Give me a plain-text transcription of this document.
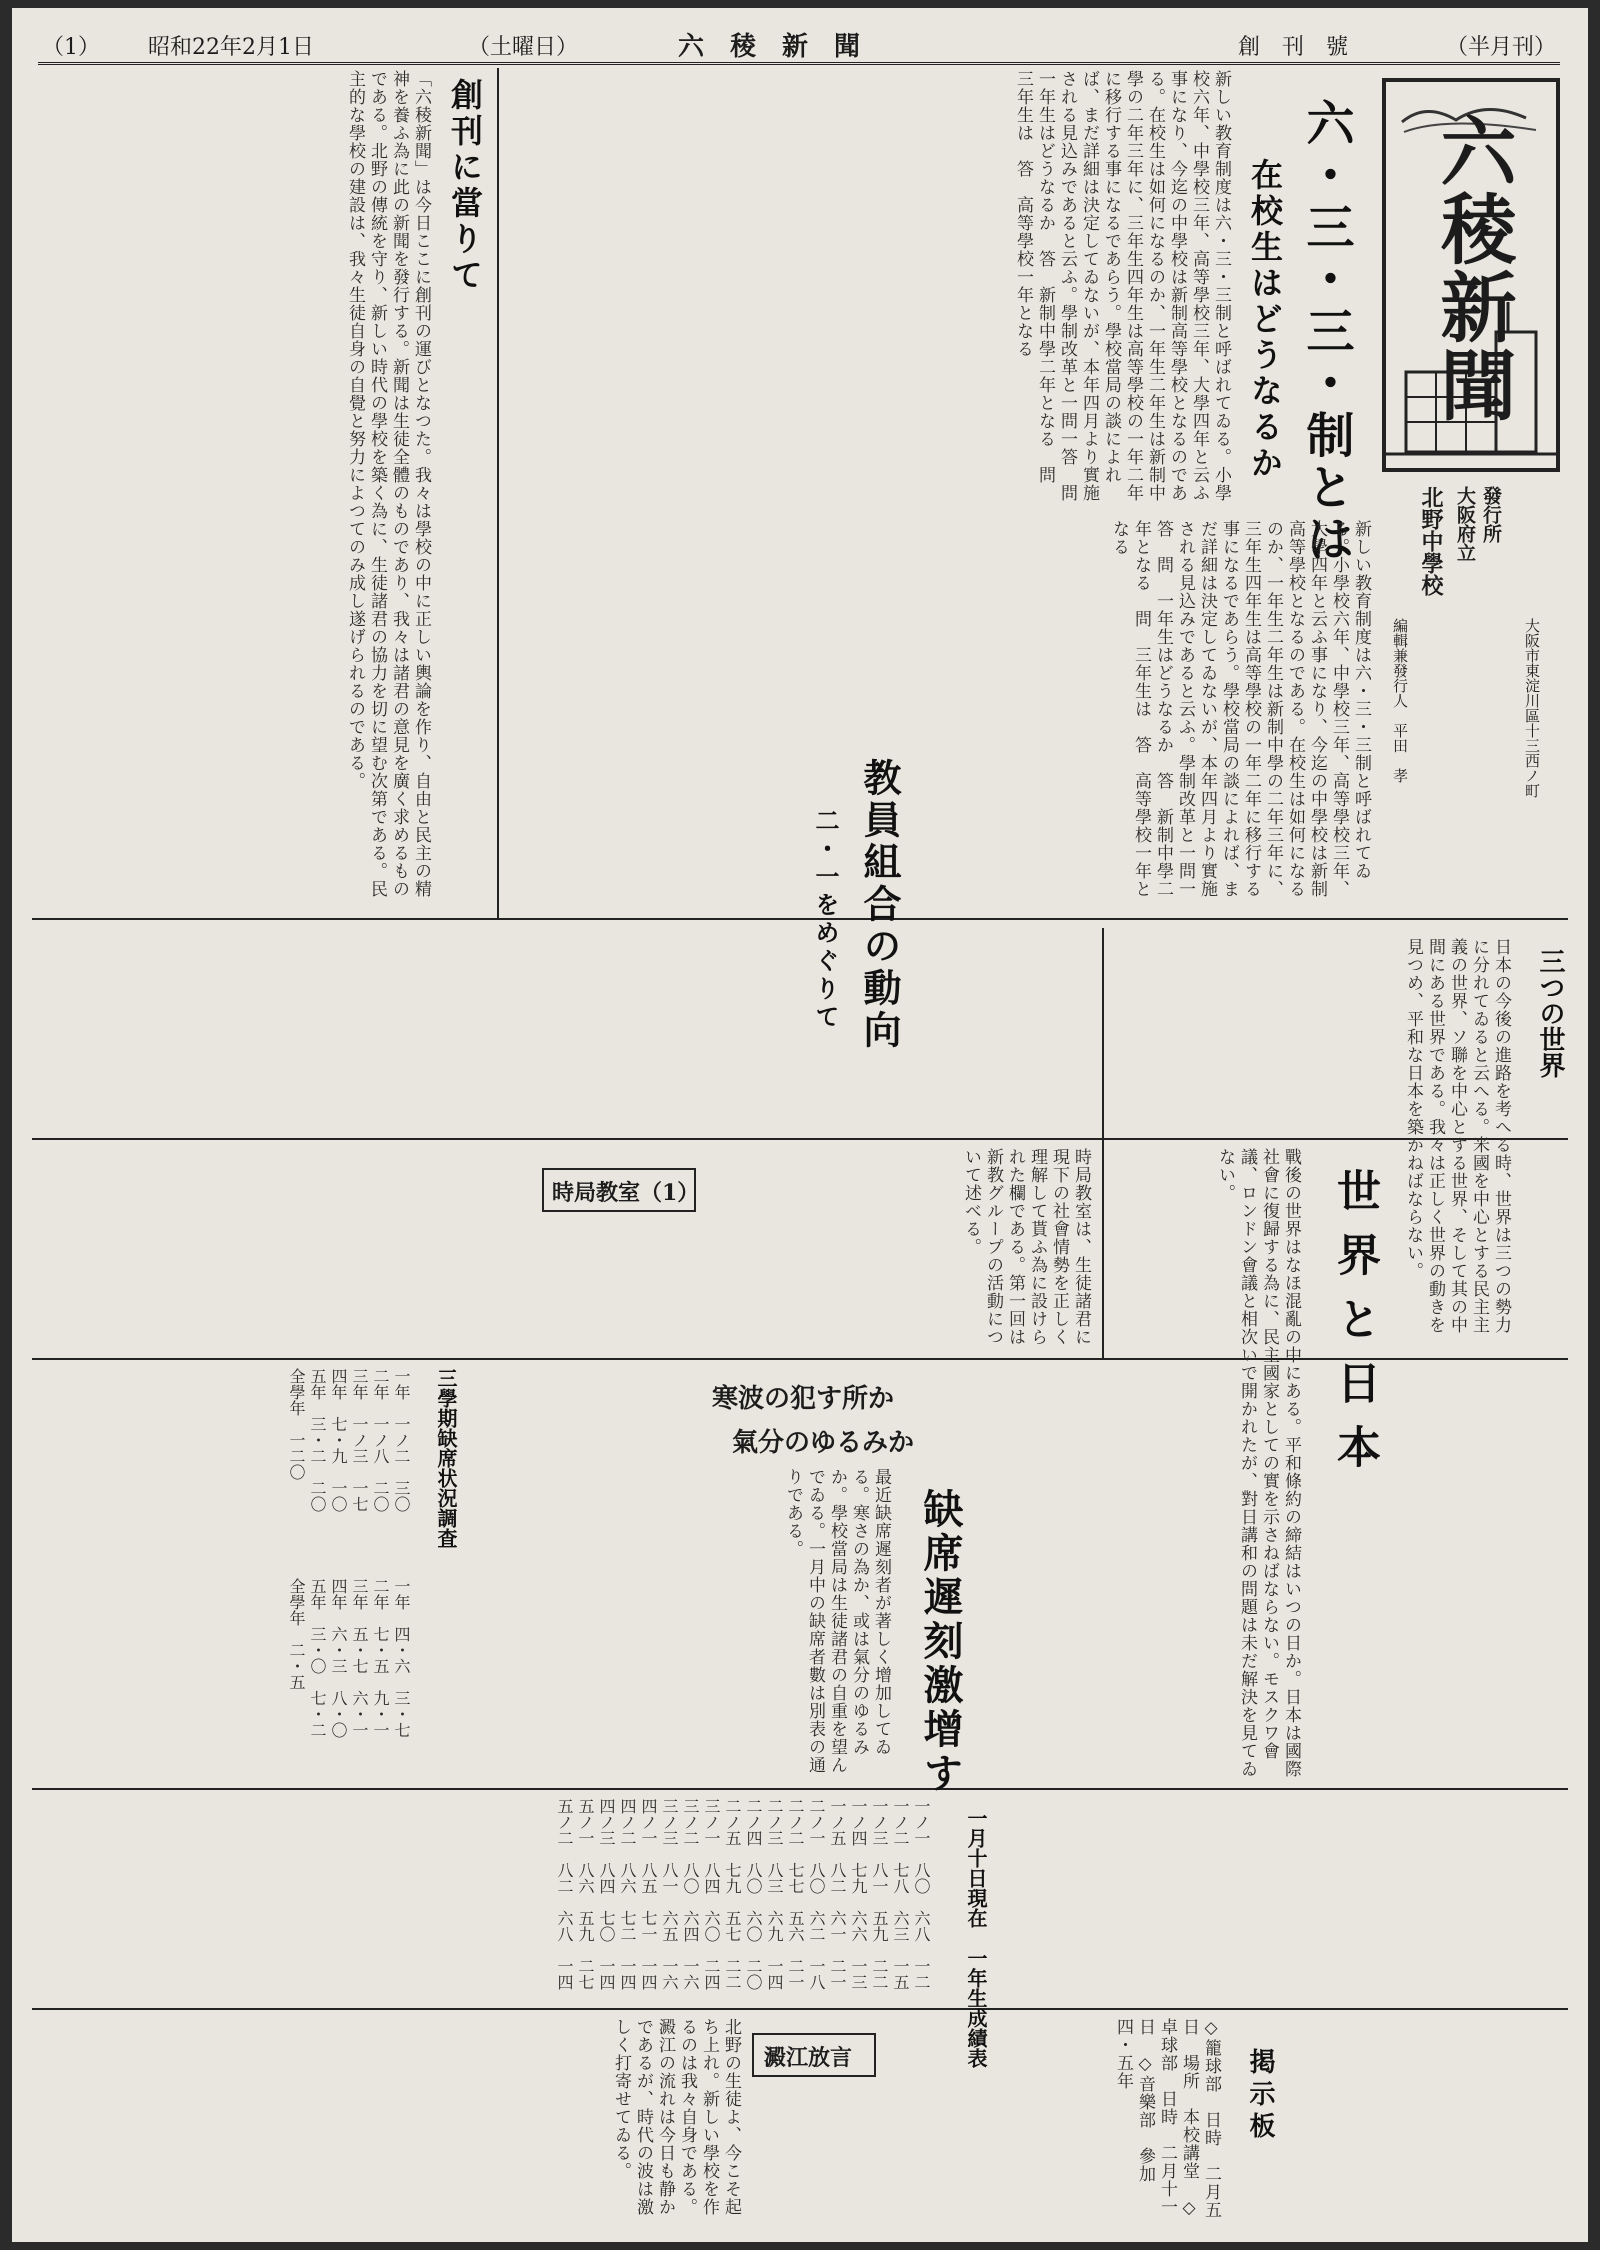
（1） 昭和22年2月1日	（土曜日）	六　稜　新　聞	創　刊　號	（半月刊）
六稜新聞
發行所
大阪府立
北野中學校
大阪市東淀川區十三西ノ町
編輯兼發行人　平田　孝
六・三・三・制とは
在校生はどうなるか
新しい教育制度は六・三・三制と呼ばれてゐる。小學校六年、中學校三年、高等學校三年、大學四年と云ふ事になり、今迄の中學校は新制高等學校となるのである。在校生は如何になるのか、一年生二年生は新制中學の二年三年に、三年生四年生は高等學校の一年二年に移行する事になるであらう。學校當局の談によれば、まだ詳細は決定してゐないが、本年四月より實施される見込みであると云ふ。學制改革と一問一答　問　一年生はどうなるか　答　新制中學二年となる　問　三年生は　答　高等學校一年となる
新しい教育制度は六・三・三制と呼ばれてゐる。小學校六年、中學校三年、高等學校三年、大學四年と云ふ事になり、今迄の中學校は新制高等學校となるのである。在校生は如何になるのか、一年生二年生は新制中學の二年三年に、三年生四年生は高等學校の一年二年に移行する事になるであらう。學校當局の談によれば、まだ詳細は決定してゐないが、本年四月より實施される見込みであると云ふ。學制改革と一問一答　問　一年生はどうなるか　答　新制中學二年となる　問　三年生は　答　高等學校一年となる
創刊に當りて
「六稜新聞」は今日ここに創刊の運びとなつた。我々は學校の中に正しい輿論を作り、自由と民主の精神を養ふ為に此の新聞を發行する。新聞は生徒全體のものであり、我々は諸君の意見を廣く求めるものである。北野の傳統を守り、新しい時代の學校を築く為に、生徒諸君の協力を切に望む次第である。民主的な學校の建設は、我々生徒自身の自覺と努力によつてのみ成し遂げられるのである。
教員組合の動向
二・一をめぐりて	三つの世界
日本の今後の進路を考へる時、世界は三つの勢力に分れてゐると云へる。米國を中心とする民主主義の世界、ソ聯を中心とする世界、そして其の中間にある世界である。我々は正しく世界の動きを見つめ、平和な日本を築かねばならない。
世界と日本
戰後の世界はなほ混亂の中にある。平和條約の締結はいつの日か。日本は國際社會に復歸する為に、民主國家としての實を示さねばならない。モスクワ會議、ロンドン會議と相次いで開かれたが、對日講和の問題は未だ解決を見てゐない。
時局教室（1）	時局教室は、生徒諸君に現下の社會情勢を正しく理解して貰ふ為に設けられた欄である。第一回は新教グループの活動について述べる。
寒波の犯す所か
氣分のゆるみか
缺席遲刻激增す
最近缺席遲刻者が著しく增加してゐる。寒さの為か、或は氣分のゆるみか。學校當局は生徒諸君の自重を望んでゐる。一月中の缺席者數は別表の通りである。
三學期缺席状況調査
一年　一ノ二　三〇
二年　一ノ八　二〇
三年　一ノ三　一七
四年　七・九　一〇
五年　三・二　二〇
全學年　一二〇
一年　四・六　三・七
二年　七・五　九・一
三年　五・七　六・一
四年　六・三　八・〇
五年　三・〇　七・二
全學年　二・五
一月十日現在　一年生成績表
一ノ一　八〇　六八　一二
一ノ二　七八　六三　一五
一ノ三　八一　五九　二二
一ノ四　七九　六六　一三
一ノ五　八二　六一　二一
二ノ一　八〇　六二　一八
二ノ二　七七　五六　二一
二ノ三　八三　六九　一四
二ノ四　八〇　六〇　二〇
二ノ五　七九　五七　二二
三ノ一　八四　六〇　二四
三ノ二　八〇　六四　一六
三ノ三　八一　六五　一六
四ノ一　八五　七一　一四
四ノ二　八六　七二　一四
四ノ三　八四　七〇　一四
五ノ一　八六　五九　二七
五ノ二　八二　六八　一四
澱江放言
北野の生徒よ、今こそ起ち上れ。新しい學校を作るのは我々自身である。澱江の流れは今日も静かであるが、時代の波は激しく打寄せてゐる。	掲示板
◇籠球部　日時　二月五日　場所　本校講堂　◇卓球部　日時　二月十一日　◇音樂部　參加　四・五年
